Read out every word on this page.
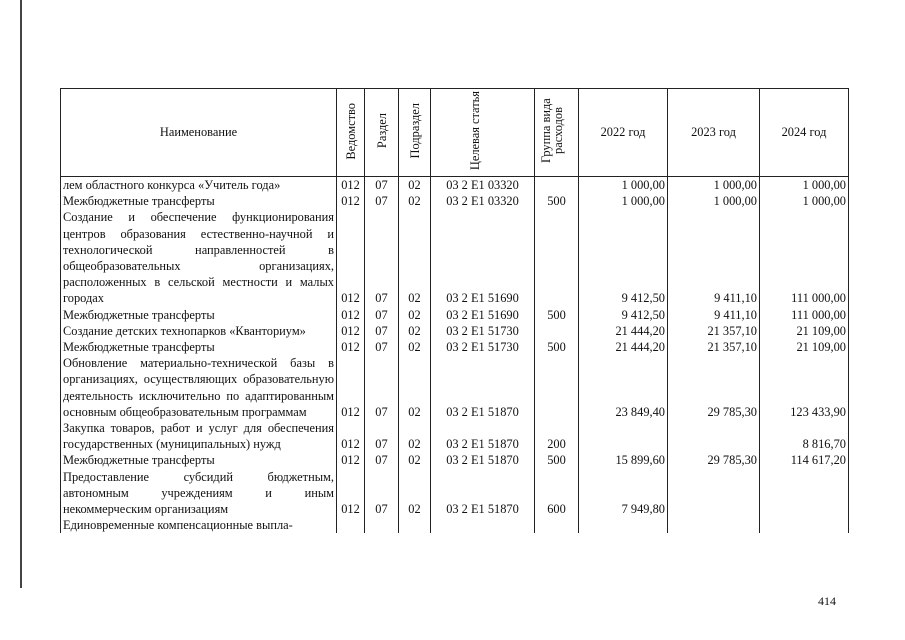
Наименование	Ведомство	Раздел	Подраздел	Целевая статья	Группа вида расходов	2022 год	2023 год	2024 год
лем областного конкурса «Учитель года»	012	07	02	03 2 E1 03320		1 000,00	1 000,00	1 000,00
Межбюджетные трансферты	012	07	02	03 2 E1 03320	500	1 000,00	1 000,00	1 000,00
Создание и обеспечение функционирования центров образования естественно-научной и технологической направленностей в общеобразовательных организациях, расположенных в сельской местности и малых городах	012	07	02	03 2 E1 51690		9 412,50	9 411,10	111 000,00
Межбюджетные трансферты	012	07	02	03 2 E1 51690	500	9 412,50	9 411,10	111 000,00
Создание детских технопарков «Кванториум»	012	07	02	03 2 E1 51730		21 444,20	21 357,10	21 109,00
Межбюджетные трансферты	012	07	02	03 2 E1 51730	500	21 444,20	21 357,10	21 109,00
Обновление материально-технической базы в организациях, осуществляющих образовательную деятельность исключительно по адаптированным основным общеобразовательным программам	012	07	02	03 2 E1 51870		23 849,40	29 785,30	123 433,90
Закупка товаров, работ и услуг для обеспечения государственных (муниципальных) нужд	012	07	02	03 2 E1 51870	200			8 816,70
Межбюджетные трансферты	012	07	02	03 2 E1 51870	500	15 899,60	29 785,30	114 617,20
Предоставление субсидий бюджетным, автономным учреждениям и иным некоммерческим организациям	012	07	02	03 2 E1 51870	600	7 949,80		
Единовременные компенсационные выпла-								
414
